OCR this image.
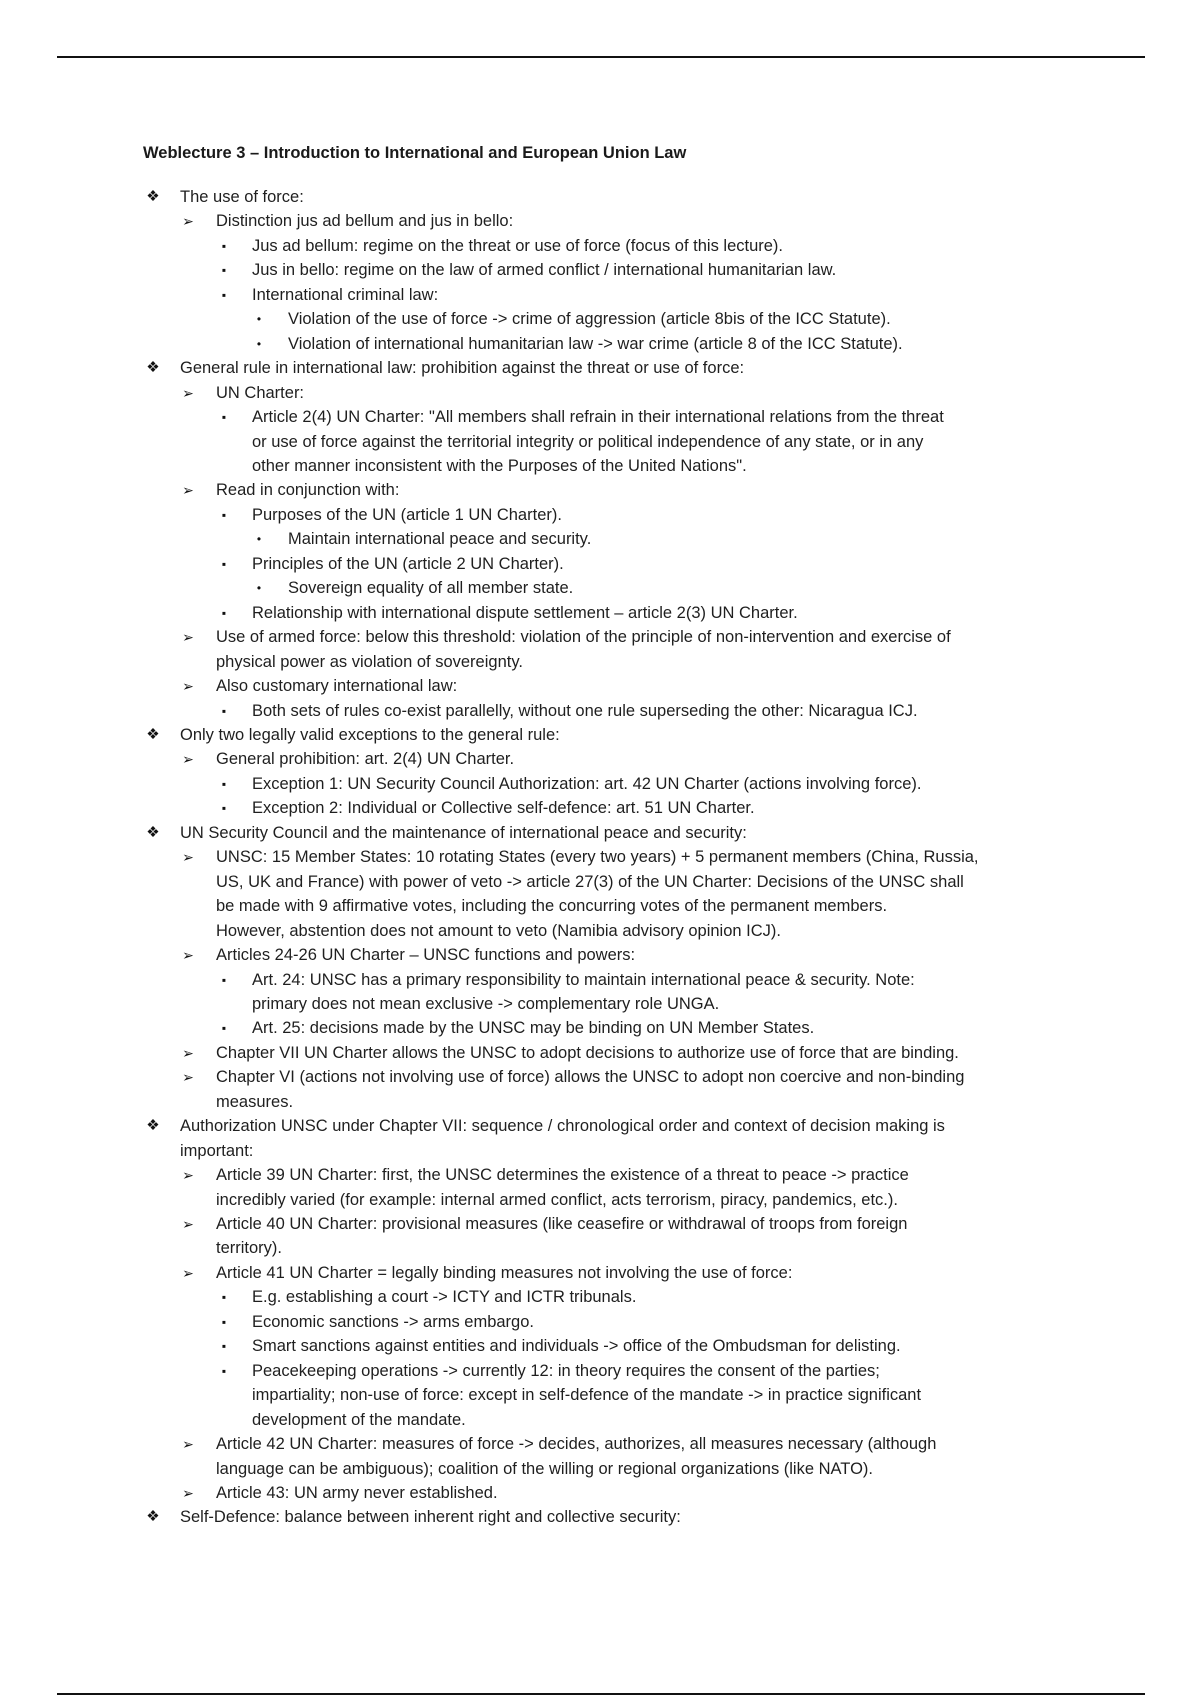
Weblecture 3 – Introduction to International and European Union Law
❖ The use of force:
➢ Distinction jus ad bellum and jus in bello:
▪ Jus ad bellum: regime on the threat or use of force (focus of this lecture).
▪ Jus in bello: regime on the law of armed conflict / international humanitarian law.
▪ International criminal law:
• Violation of the use of force -> crime of aggression (article 8bis of the ICC Statute).
• Violation of international humanitarian law -> war crime (article 8 of the ICC Statute).
❖ General rule in international law: prohibition against the threat or use of force:
➢ UN Charter:
▪ Article 2(4) UN Charter: "All members shall refrain in their international relations from the threat
or use of force against the territorial integrity or political independence of any state, or in any
other manner inconsistent with the Purposes of the United Nations".
➢ Read in conjunction with:
▪ Purposes of the UN (article 1 UN Charter).
• Maintain international peace and security.
▪ Principles of the UN (article 2 UN Charter).
• Sovereign equality of all member state.
▪ Relationship with international dispute settlement – article 2(3) UN Charter.
➢ Use of armed force: below this threshold: violation of the principle of non-intervention and exercise of
physical power as violation of sovereignty.
➢ Also customary international law:
▪ Both sets of rules co-exist parallelly, without one rule superseding the other: Nicaragua ICJ.
❖ Only two legally valid exceptions to the general rule:
➢ General prohibition: art. 2(4) UN Charter.
▪ Exception 1: UN Security Council Authorization: art. 42 UN Charter (actions involving force).
▪ Exception 2: Individual or Collective self-defence: art. 51 UN Charter.
❖ UN Security Council and the maintenance of international peace and security:
➢ UNSC: 15 Member States: 10 rotating States (every two years) + 5 permanent members (China, Russia,
US, UK and France) with power of veto -> article 27(3) of the UN Charter: Decisions of the UNSC shall
be made with 9 affirmative votes, including the concurring votes of the permanent members.
However, abstention does not amount to veto (Namibia advisory opinion ICJ).
➢ Articles 24-26 UN Charter – UNSC functions and powers:
▪ Art. 24: UNSC has a primary responsibility to maintain international peace & security. Note:
primary does not mean exclusive -> complementary role UNGA.
▪ Art. 25: decisions made by the UNSC may be binding on UN Member States.
➢ Chapter VII UN Charter allows the UNSC to adopt decisions to authorize use of force that are binding.
➢ Chapter VI (actions not involving use of force) allows the UNSC to adopt non coercive and non-binding
measures.
❖ Authorization UNSC under Chapter VII: sequence / chronological order and context of decision making is
important:
➢ Article 39 UN Charter: first, the UNSC determines the existence of a threat to peace -> practice
incredibly varied (for example: internal armed conflict, acts terrorism, piracy, pandemics, etc.).
➢ Article 40 UN Charter: provisional measures (like ceasefire or withdrawal of troops from foreign
territory).
➢ Article 41 UN Charter = legally binding measures not involving the use of force:
▪ E.g. establishing a court -> ICTY and ICTR tribunals.
▪ Economic sanctions -> arms embargo.
▪ Smart sanctions against entities and individuals -> office of the Ombudsman for delisting.
▪ Peacekeeping operations -> currently 12: in theory requires the consent of the parties;
impartiality; non-use of force: except in self-defence of the mandate -> in practice significant
development of the mandate.
➢ Article 42 UN Charter: measures of force -> decides, authorizes, all measures necessary (although
language can be ambiguous); coalition of the willing or regional organizations (like NATO).
➢ Article 43: UN army never established.
❖ Self-Defence: balance between inherent right and collective security:
